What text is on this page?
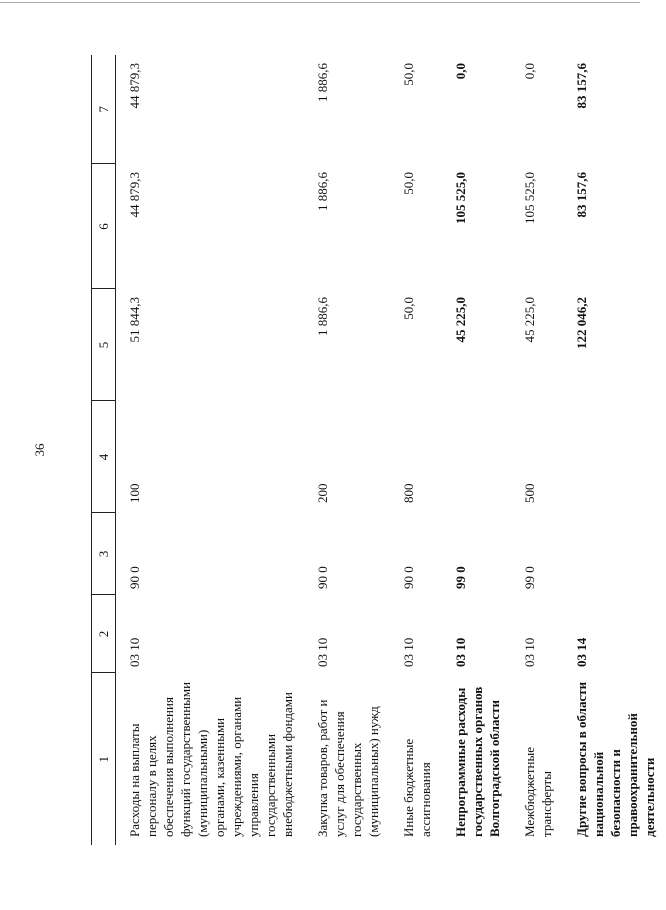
36
1	2	3	4	5	6	7
Расходы на выплаты персоналу в целях обеспечения выполнения функций государственными (муниципальными) органами, казенными учреждениями, органами управления государственными внебюджетными фондами	03 10	90 0	100	51 844,3	44 879,3	44 879,3
Закупка товаров, работ и услуг для обеспечения государственных (муниципальных) нужд	03 10	90 0	200	1 886,6	1 886,6	1 886,6
Иные бюджетные ассигнования	03 10	90 0	800	50,0	50,0	50,0
Непрограммные расходы государственных органов Волгоградской области	03 10	99 0		45 225,0	105 525,0	0,0
Межбюджетные трансферты	03 10	99 0	500	45 225,0	105 525,0	0,0
Другие вопросы в области национальной безопасности и правоохранительной деятельности	03 14			122 046,2	83 157,6	83 157,6
